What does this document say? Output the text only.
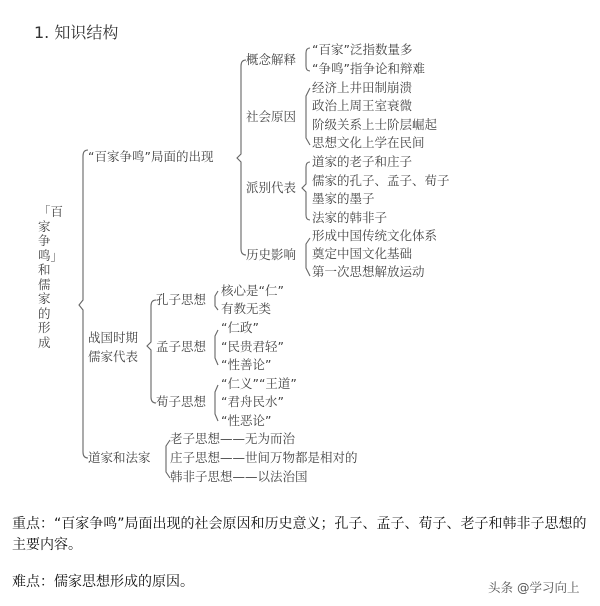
1. 知识结构
「百家争鸣」和儒家的形成
“百家争鸣”局面的出现
概念解释
“百家”泛指数量多
“争鸣”指争论和辩难
社会原因
经济上井田制崩溃
政治上周王室衰微
阶级关系上士阶层崛起
思想文化上学在民间
派别代表
道家的老子和庄子
儒家的孔子、孟子、荀子
墨家的墨子
法家的韩非子
历史影响
形成中国传统文化体系
奠定中国文化基础
第一次思想解放运动
战国时期
儒家代表
孔子思想
核心是“仁”
有教无类
孟子思想
“仁政”
“民贵君轻”
“性善论”
荀子思想
“仁义”“王道”
“君舟民水”
“性恶论”
道家和法家
老子思想——无为而治
庄子思想——世间万物都是相对的
韩非子思想——以法治国
重点：“百家争鸣”局面出现的社会原因和历史意义；孔子、孟子、荀子、老子和韩非子思想的主要内容。
难点：儒家思想形成的原因。	头条 @学习向上
